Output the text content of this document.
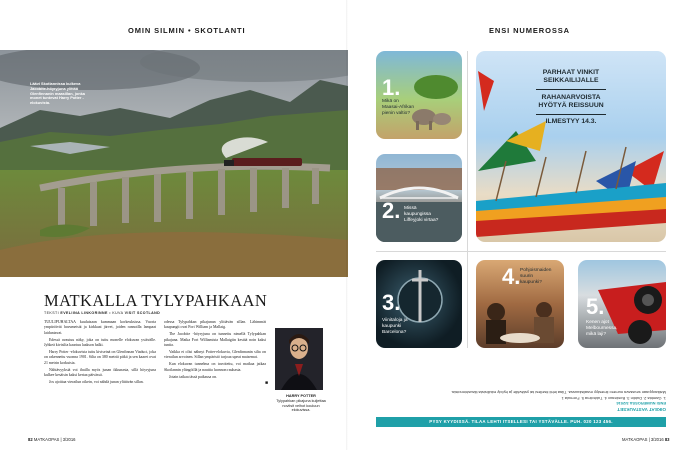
OMIN SILMIN • SKOTLANTI
Läävi Skotlannissa kulkeva Jacobite-höyryjuna ylittää Glenfinnanin maasillan, jonka monet tuntevat Harry Potter -elokuvista.
MATKALLA TYLYPAHKAAN
TEKSTI EVELIINA LINKORINNE • KUVA VISIT SCOTLAND

TUULIPUHALTAA kuuluisaan kummaan korkeuksissa. Vuoria ympäröivät havumetsät ja kirkkaat järvet, joiden rannoilla lampaat laiduntavat.

Edessä avautuu näky, joka on tuttu monelle elokuvan ystävälle. Jyhkeä kivisilta kaartuu laakson halki.

Harry Potter -elokuvista tuttu kiviseinä on Glenfinnan Viaduct, joka on rakennettu vuonna 1901. Silta on 380 metriä pitkä ja sen kaaret ovat 21 metrin korkuisia.

Nähtävyyksiä voi ihailla myös junan ikkunasta, sillä höyryjuna kulkee kesäisin kaksi kertaa päivässä.

Jos ajoittaa vierailun oikein, voi nähdä junan ylittävän sillan.

odessa Tylypahkan pikajunan ylittävän sillan. Lähimmät kaupungit ovat Fort William ja Mallaig.

The Jacobite -höyryjuna on tunnettu nimellä Tylypahkan pikajuna. Matka Fort Williamista Mallaigiin kestää noin kaksi tuntia.

Vaikka ei olisi nähnyt Potter-elokuvia, Glenfinnanin silta on vierailun arvoinen. Sillan ympäristö tarjoaa upeat maisemat.

Kun elokuvan tunnelma on tavoitettu, voi matkaa jatkaa Skotlannin ylängöillä ja nauttia luonnon rauhasta.

Jotain taikaa tässä paikassa on.

■
HARRY POTTER
Tylypahkan pikajuna kuljettaa noviisit velhot kouluun elokuvissa.
82 MATKAOPAS | 3/2016
ENSI NUMEROSSA
1.
Mikä on Maasai-Afrikan pienin valtio?
2. Missä kaupungissa Liffeyjoki virtaa?
PARHAAT VINKIT
SEIKKAILIJALLE
RAHANARVOISTA
HYÖTYÄ REISSUUN
ILMESTYY 14.3.
3.
Viinitaloja ja kaupunki Barcelona?
4. Pohjoismaiden suurin kaupunki?
5.
Kenen ajot Melbournessa, mikä laji?
OIKEAT VASTAUKSET
ENSI NUMEROSSA 3/2016
1. Gambia 2. Dublin 3. Bordeaux 4. Tukholma 5. Formula 1
Matkaoppaan seuraava numero ilmestyy maaliskuussa. Tilaa lehti itsellesi tai ystävälle ja hyödy edullisista tilaushinnoista.
PYSY KYYDISSÄ. TILAA LEHTI ITSELLESI TAI YSTÄVÄLLE. PUH. 020 123 456.
MATKAOPAS | 3/2016 83
